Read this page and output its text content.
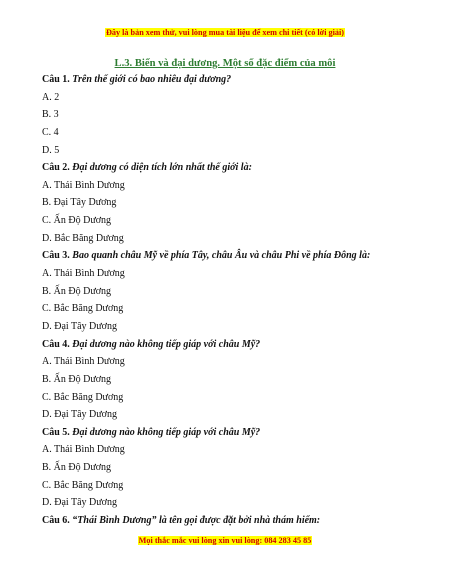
Đây là bản xem thử, vui lòng mua tài liệu để xem chi tiết (có lời giải)
L.3. Biển và đại dương. Một số đặc điểm của môi
Câu 1. Trên thế giới có bao nhiêu đại dương?
A. 2
B. 3
C. 4
D. 5
Câu 2. Đại dương có diện tích lớn nhất thế giới là:
A. Thái Bình Dương
B. Đại Tây Dương
C. Ấn Độ Dương
D. Bắc Băng Dương
Câu 3. Bao quanh châu Mỹ về phía Tây, châu Âu và châu Phi về phía Đông là:
A. Thái Bình Dương
B. Ấn Độ Dương
C. Bắc Băng Dương
D. Đại Tây Dương
Câu 4. Đại dương nào không tiếp giáp với châu Mỹ?
A. Thái Bình Dương
B. Ấn Độ Dương
C. Bắc Băng Dương
D. Đại Tây Dương
Câu 5. Đại dương nào không tiếp giáp với châu Mỹ?
A. Thái Bình Dương
B. Ấn Độ Dương
C. Bắc Băng Dương
D. Đại Tây Dương
Câu 6. “Thái Bình Dương” là tên gọi được đặt bởi nhà thám hiểm:
Mọi thắc mắc vui lòng xin vui lòng: 084 283 45 85
